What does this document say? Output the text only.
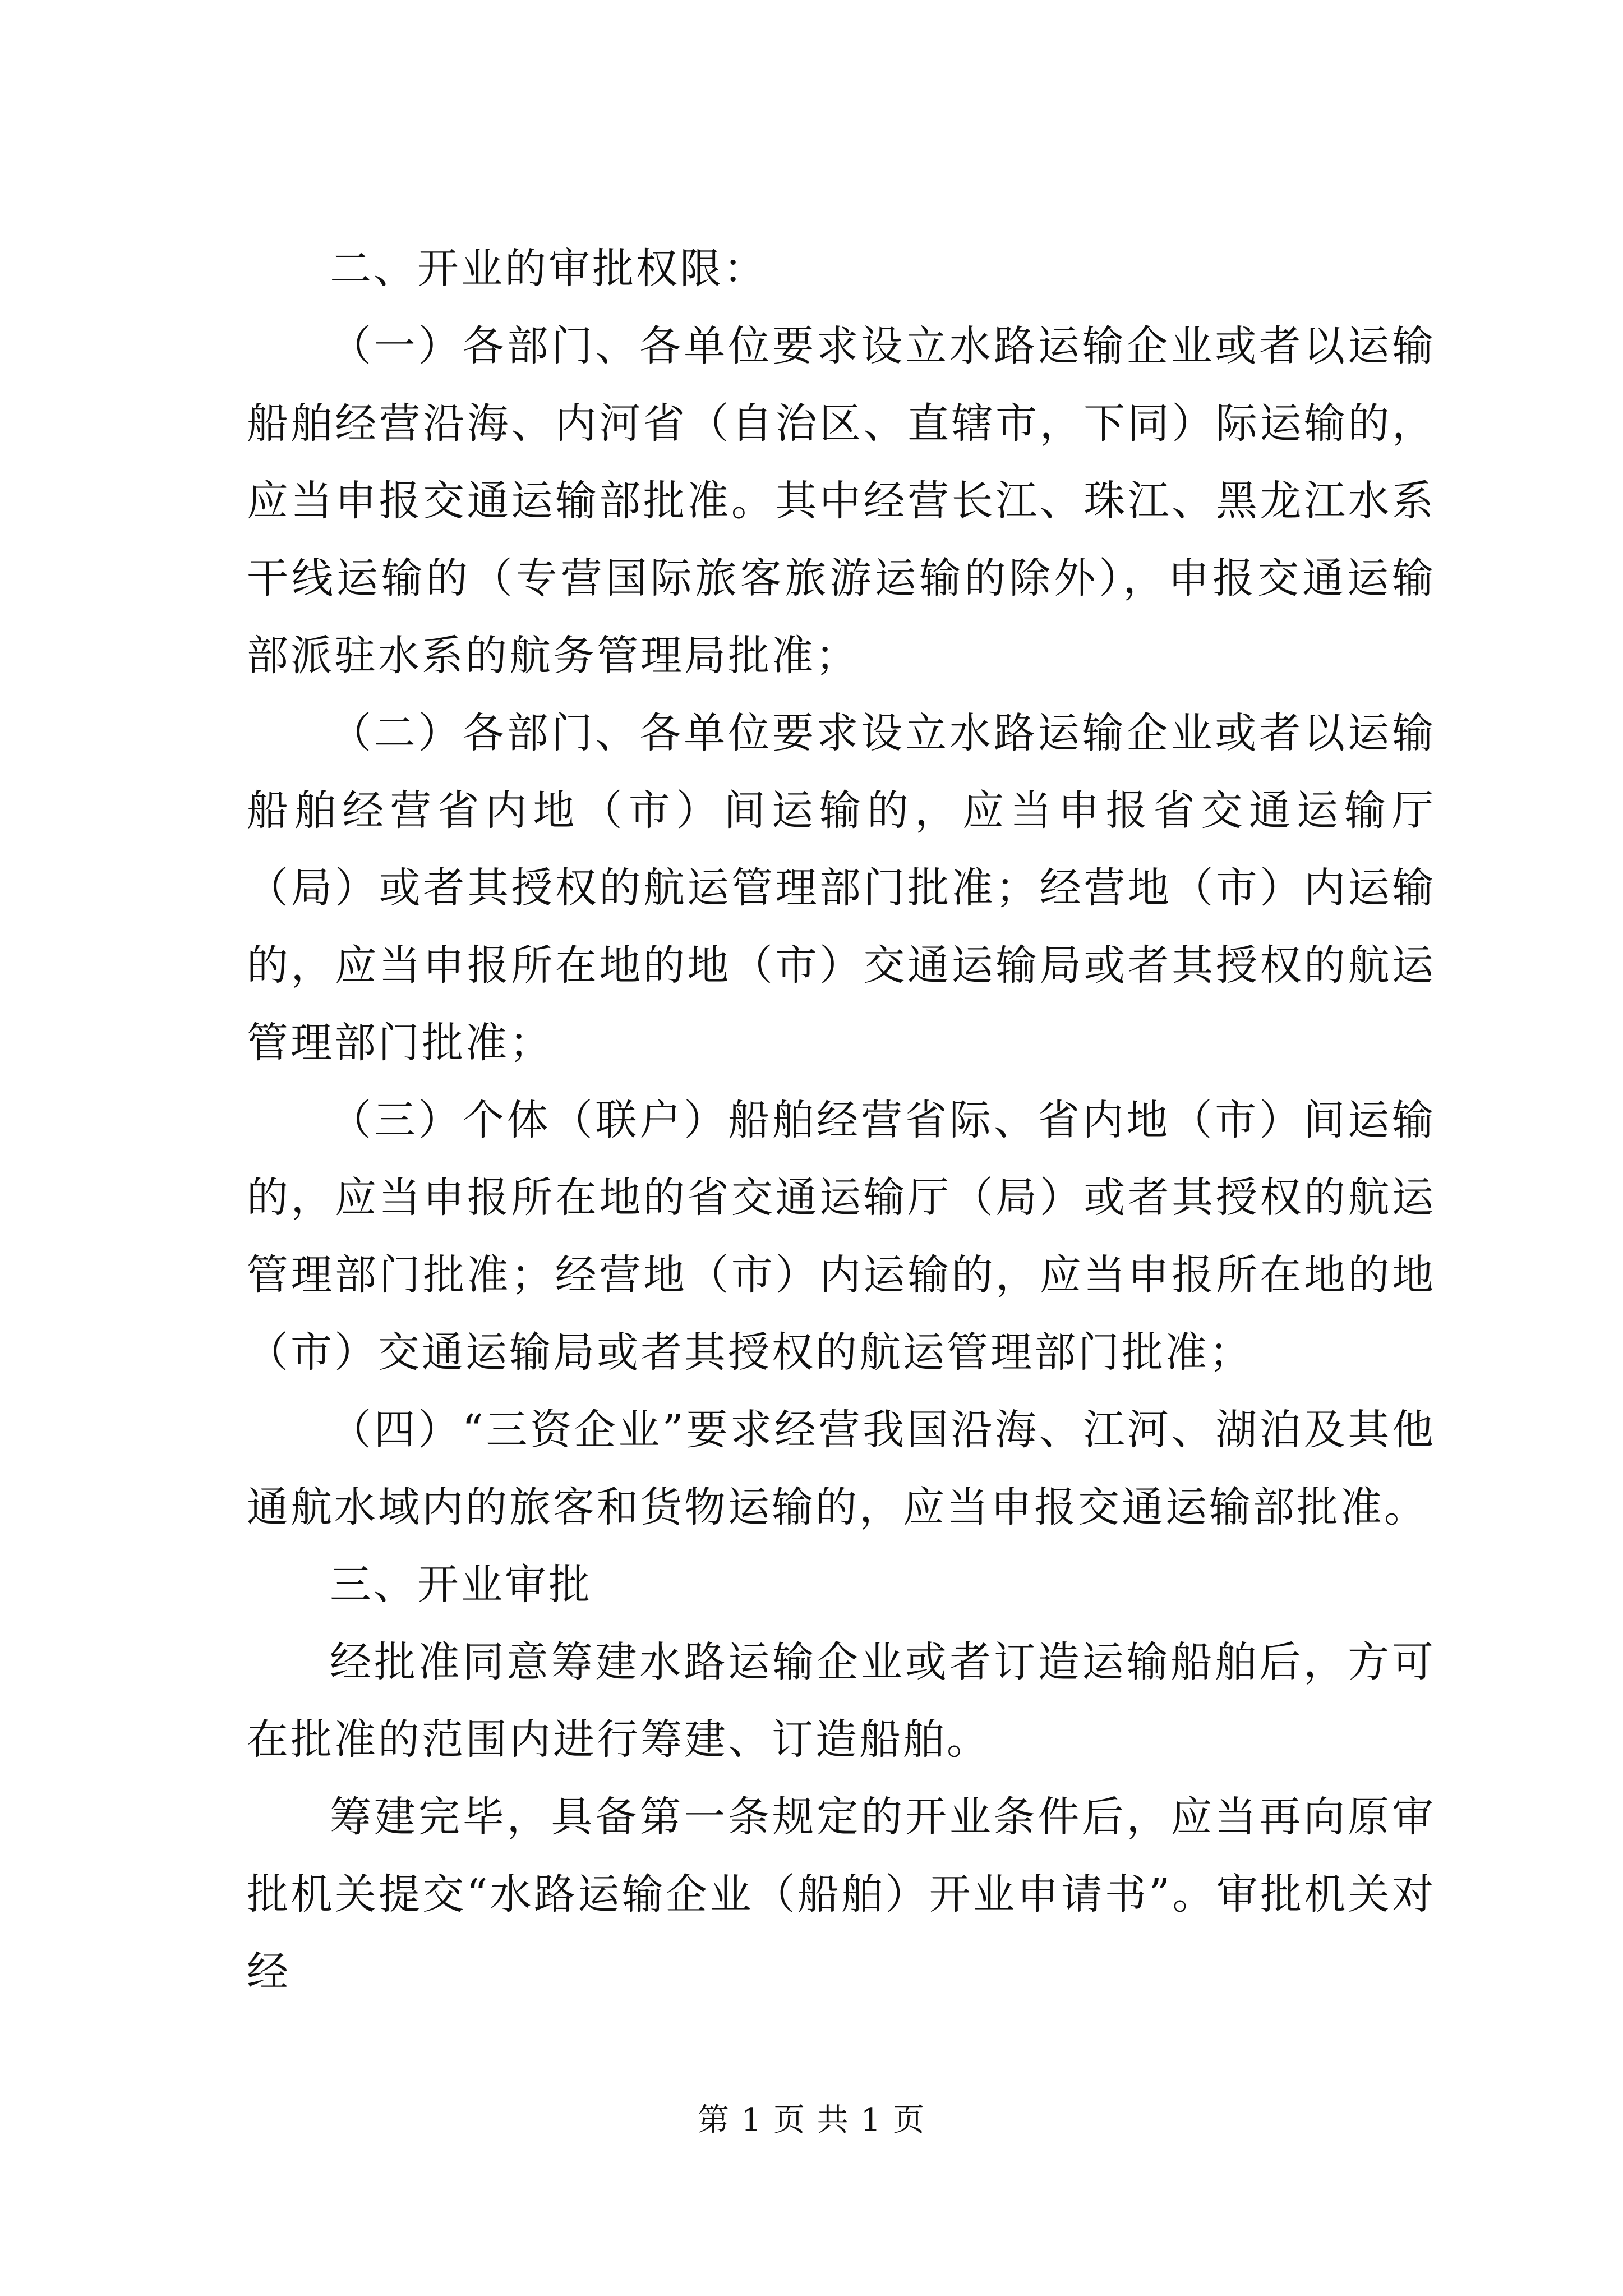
二、开业的审批权限：

（一）各部门、各单位要求设立水路运输企业或者以运输船舶经营沿海、内河省（自治区、直辖市，下同）际运输的，应当申报交通运输部批准。其中经营长江、珠江、黑龙江水系干线运输的（专营国际旅客旅游运输的除外），申报交通运输部派驻水系的航务管理局批准；

（二）各部门、各单位要求设立水路运输企业或者以运输船舶经营省内地（市）间运输的，应当申报省交通运输厅（局）或者其授权的航运管理部门批准；经营地（市）内运输的，应当申报所在地的地（市）交通运输局或者其授权的航运管理部门批准；

（三）个体（联户）船舶经营省际、省内地（市）间运输的，应当申报所在地的省交通运输厅（局）或者其授权的航运管理部门批准；经营地（市）内运输的，应当申报所在地的地（市）交通运输局或者其授权的航运管理部门批准；

（四）“三资企业”要求经营我国沿海、江河、湖泊及其他通航水域内的旅客和货物运输的，应当申报交通运输部批准。

三、开业审批

经批准同意筹建水路运输企业或者订造运输船舶后，方可在批准的范围内进行筹建、订造船舶。

筹建完毕，具备第一条规定的开业条件后，应当再向原审批机关提交“水路运输企业（船舶）开业申请书”。审批机关对经

第 1 页 共 1 页
